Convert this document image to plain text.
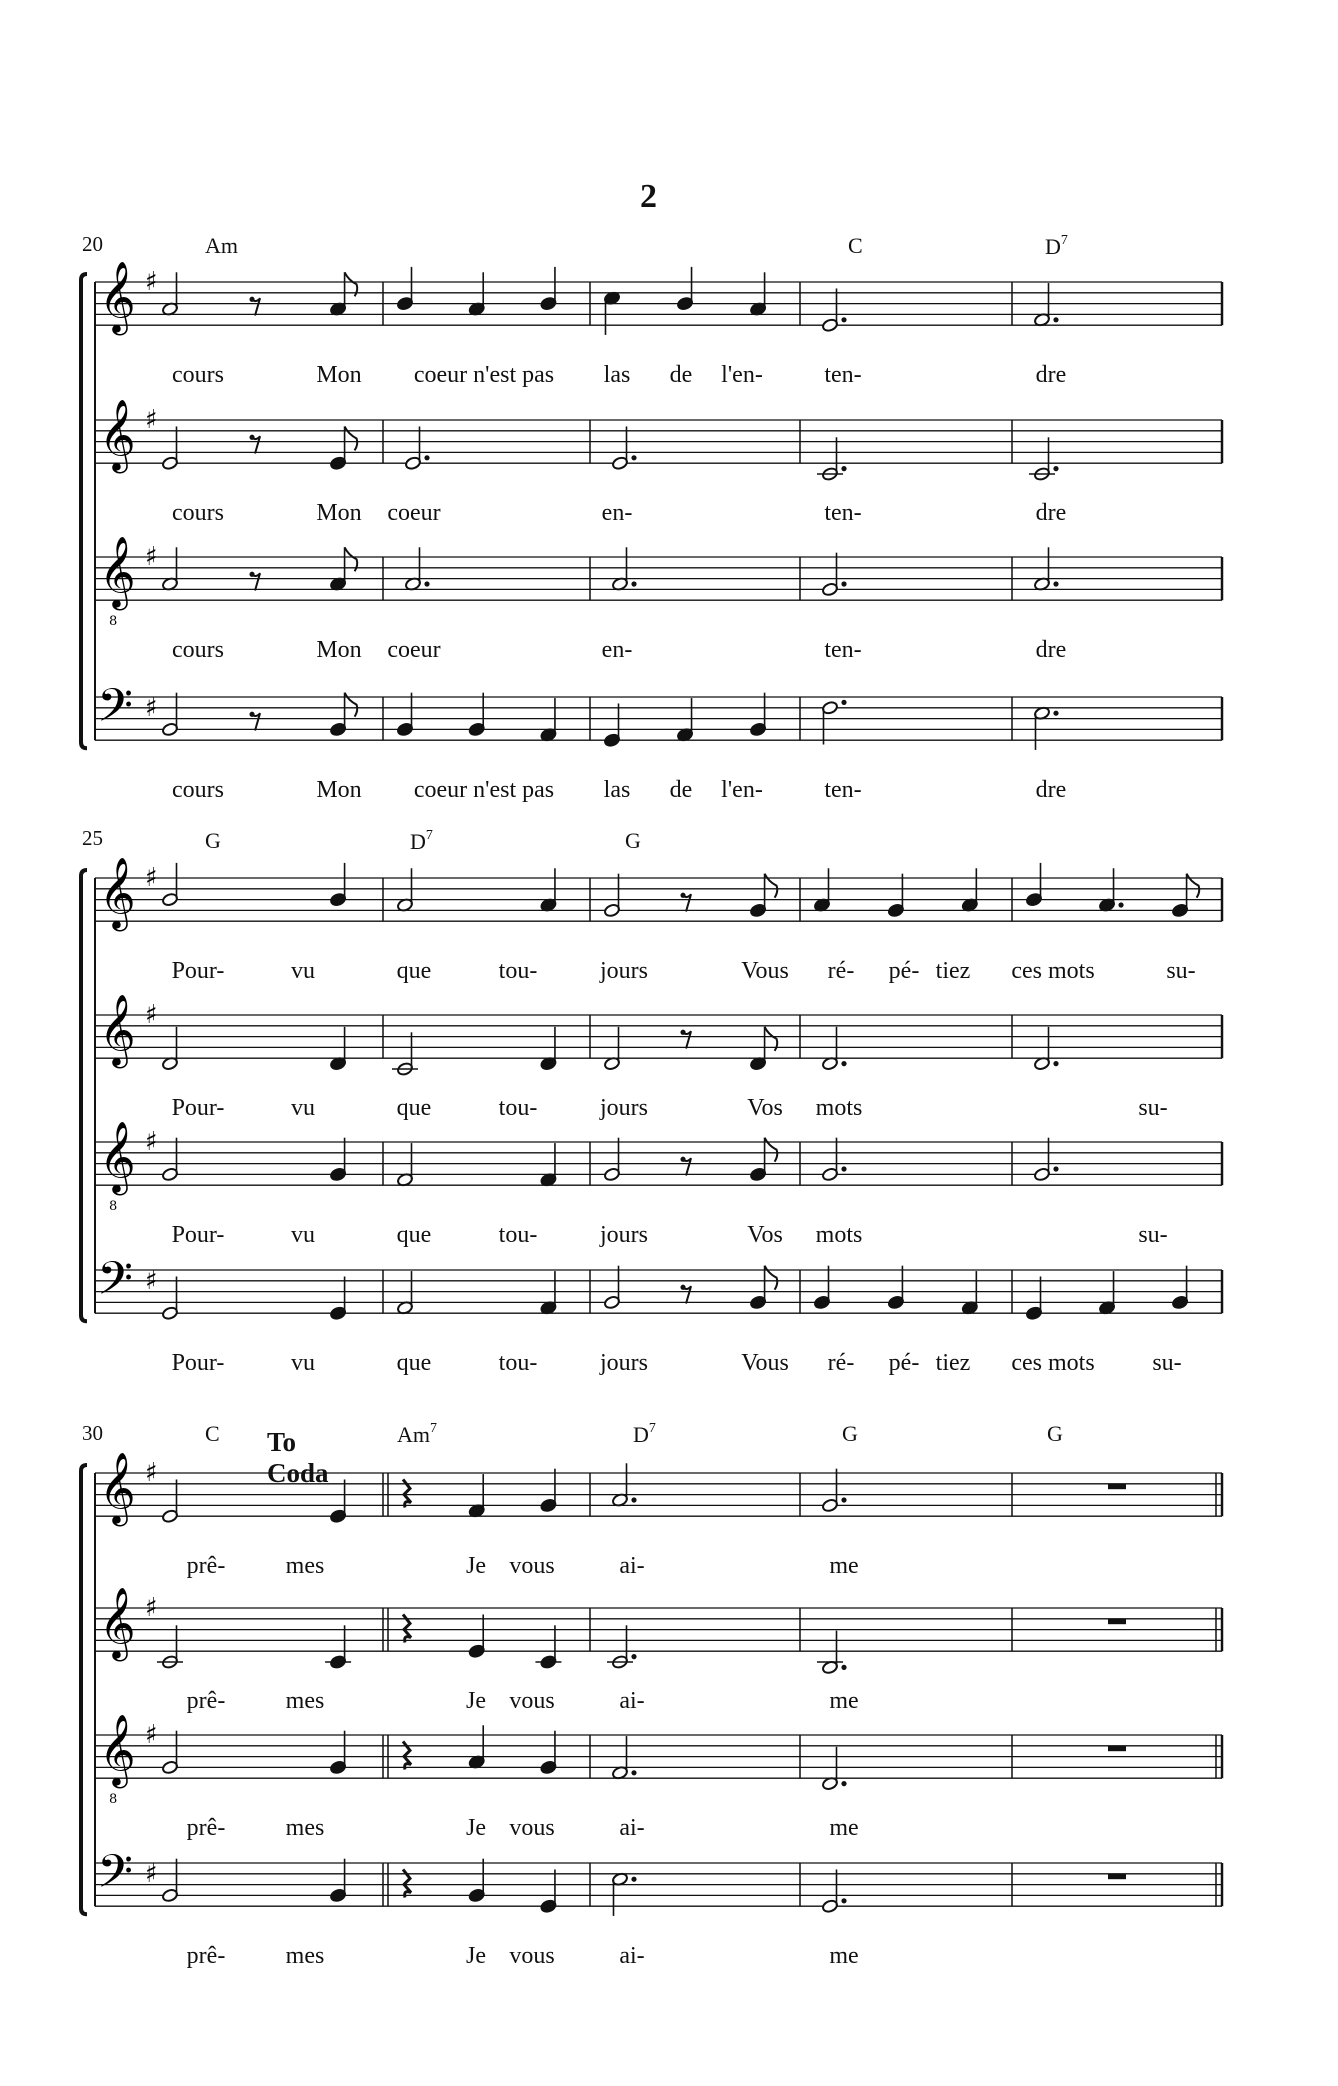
2
𝄞 ♯
𝄞 ♯
𝄞
8
♯
𝄢 ♯
𝄞 ♯
𝄞 ♯
𝄞
8
♯
𝄢 ♯
𝄞 ♯
𝄞 ♯
𝄞
8
♯
𝄢 ♯
cours	Mon coeur n'est pas las de l'en-	ten-	dre
cours	Mon coeur	en-	ten-	dre
cours	Mon coeur	en-	ten-	dre
cours	Mon coeur n'est pas las de l'en-	ten-	dre
20	Am	C	$D^7$
Pour-	vu	que	tou-	jours	Vous ré- pé- tiez ces mots	su-
Pour-	vu	que	tou-	jours	Vos mots	su-
Pour-	vu	que	tou-	jours	Vos mots	su-
Pour-	vu	que	tou-	jours	Vous ré- pé- tiez ces mots su-
25	G	$D^7$	G
prê-	mes	Je vous	ai-	me
prê-	mes	Je vous	ai-	me
prê-	mes	Je vous	ai-	me
prê-	mes	Je vous	ai-	me
30	C	Am$^7$	$D^7$	G	G
To Coda
